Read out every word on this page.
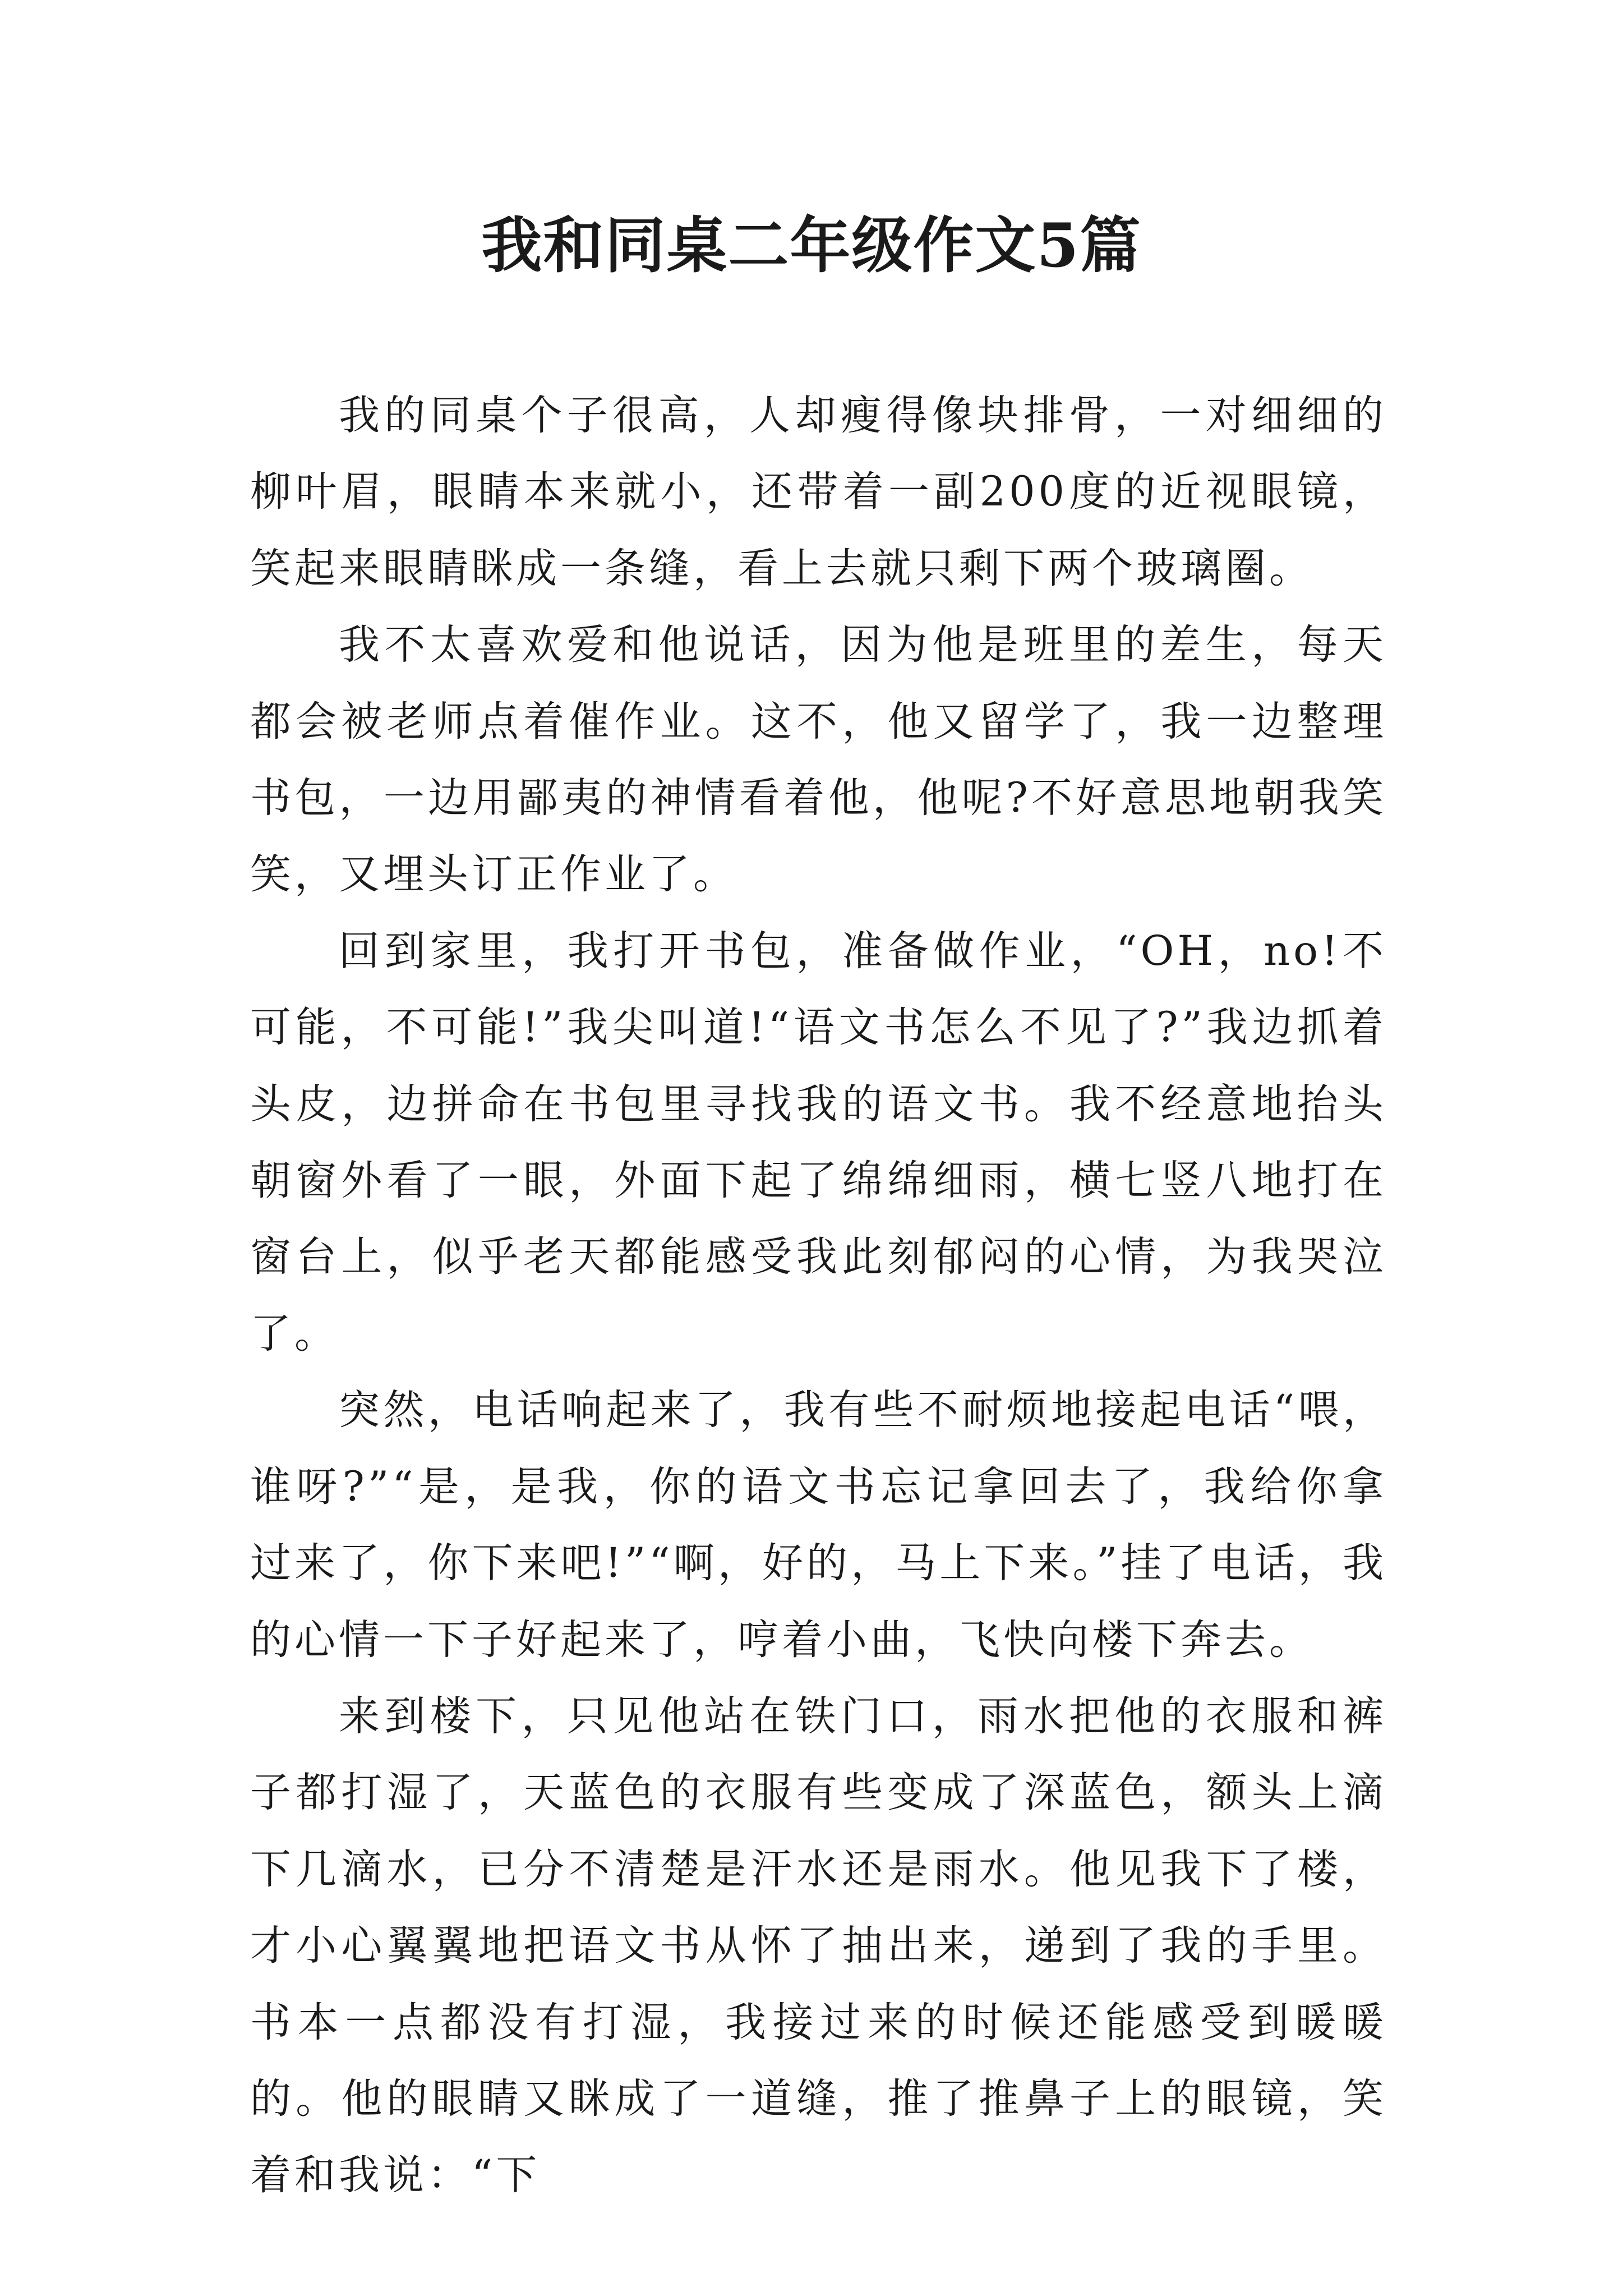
我和同桌二年级作文5篇

我的同桌个子很高，人却瘦得像块排骨，一对细细的柳叶眉，眼睛本来就小，还带着一副200度的近视眼镜，笑起来眼睛眯成一条缝，看上去就只剩下两个玻璃圈。

我不太喜欢爱和他说话，因为他是班里的差生，每天都会被老师点着催作业。这不，他又留学了，我一边整理书包，一边用鄙夷的神情看着他，他呢?不好意思地朝我笑笑，又埋头订正作业了。

回到家里，我打开书包，准备做作业，“OH，no!不可能，不可能!”我尖叫道!“语文书怎么不见了?”我边抓着头皮，边拼命在书包里寻找我的语文书。我不经意地抬头朝窗外看了一眼，外面下起了绵绵细雨，横七竖八地打在窗台上，似乎老天都能感受我此刻郁闷的心情，为我哭泣了。

突然，电话响起来了，我有些不耐烦地接起电话“喂，谁呀?”“是，是我，你的语文书忘记拿回去了，我给你拿过来了，你下来吧!”“啊，好的，马上下来。”挂了电话，我的心情一下子好起来了，哼着小曲，飞快向楼下奔去。

来到楼下，只见他站在铁门口，雨水把他的衣服和裤子都打湿了，天蓝色的衣服有些变成了深蓝色，额头上滴下几滴水，已分不清楚是汗水还是雨水。他见我下了楼，才小心翼翼地把语文书从怀了抽出来，递到了我的手里。书本一点都没有打湿，我接过来的时候还能感受到暖暖的。他的眼睛又眯成了一道缝，推了推鼻子上的眼镜，笑着和我说：“下
